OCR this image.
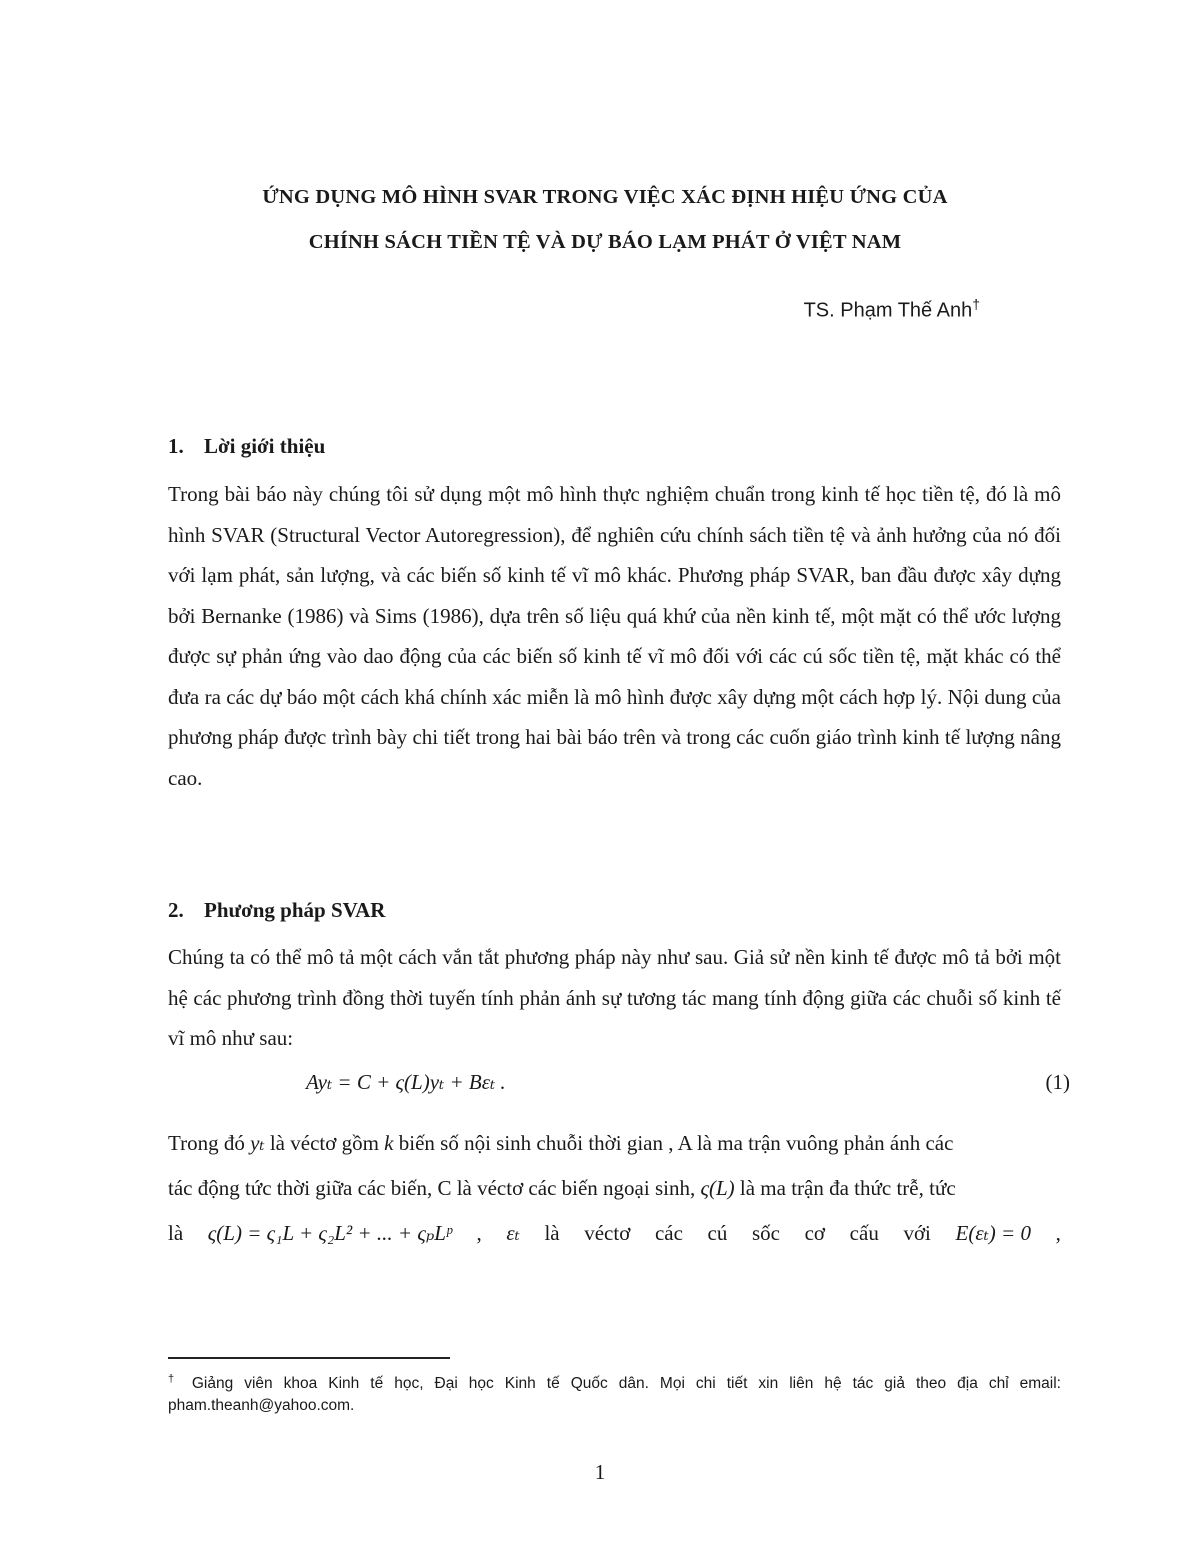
ỨNG DỤNG MÔ HÌNH SVAR TRONG VIỆC XÁC ĐỊNH HIỆU ỨNG CỦA
CHÍNH SÁCH TIỀN TỆ VÀ DỰ BÁO LẠM PHÁT Ở VIỆT NAM
TS. Phạm Thế Anh†
1. Lời giới thiệu
Trong bài báo này chúng tôi sử dụng một mô hình thực nghiệm chuẩn trong kinh tế học tiền tệ, đó là mô hình SVAR (Structural Vector Autoregression), để nghiên cứu chính sách tiền tệ và ảnh hưởng của nó đối với lạm phát, sản lượng, và các biến số kinh tế vĩ mô khác. Phương pháp SVAR, ban đầu được xây dựng bởi Bernanke (1986) và Sims (1986), dựa trên số liệu quá khứ của nền kinh tế, một mặt có thể ước lượng được sự phản ứng vào dao động của các biến số kinh tế vĩ mô đối với các cú sốc tiền tệ, mặt khác có thể đưa ra các dự báo một cách khá chính xác miễn là mô hình được xây dựng một cách hợp lý. Nội dung của phương pháp được trình bày chi tiết trong hai bài báo trên và trong các cuốn giáo trình kinh tế lượng nâng cao.
2. Phương pháp SVAR
Chúng ta có thể mô tả một cách vắn tắt phương pháp này như sau. Giả sử nền kinh tế được mô tả bởi một hệ các phương trình đồng thời tuyến tính phản ánh sự tương tác mang tính động giữa các chuỗi số kinh tế vĩ mô như sau:
Ayₜ = C + ς(L)yₜ + Bεₜ .	(1)
Trong đó yₜ là véctơ gồm k biến số nội sinh chuỗi thời gian , A là ma trận vuông phản ánh các
tác động tức thời giữa các biến, C là véctơ các biến ngoại sinh, ς(L) là ma trận đa thức trễ, tức
là ς(L) = ς₁L + ς₂L² + ... + ςₚLᵖ , εₜ là véctơ các cú sốc cơ cấu với E(εₜ) = 0 ,
† Giảng viên khoa Kinh tế học, Đại học Kinh tế Quốc dân. Mọi chi tiết xin liên hệ tác giả theo địa chỉ email: pham.theanh@yahoo.com.
1
